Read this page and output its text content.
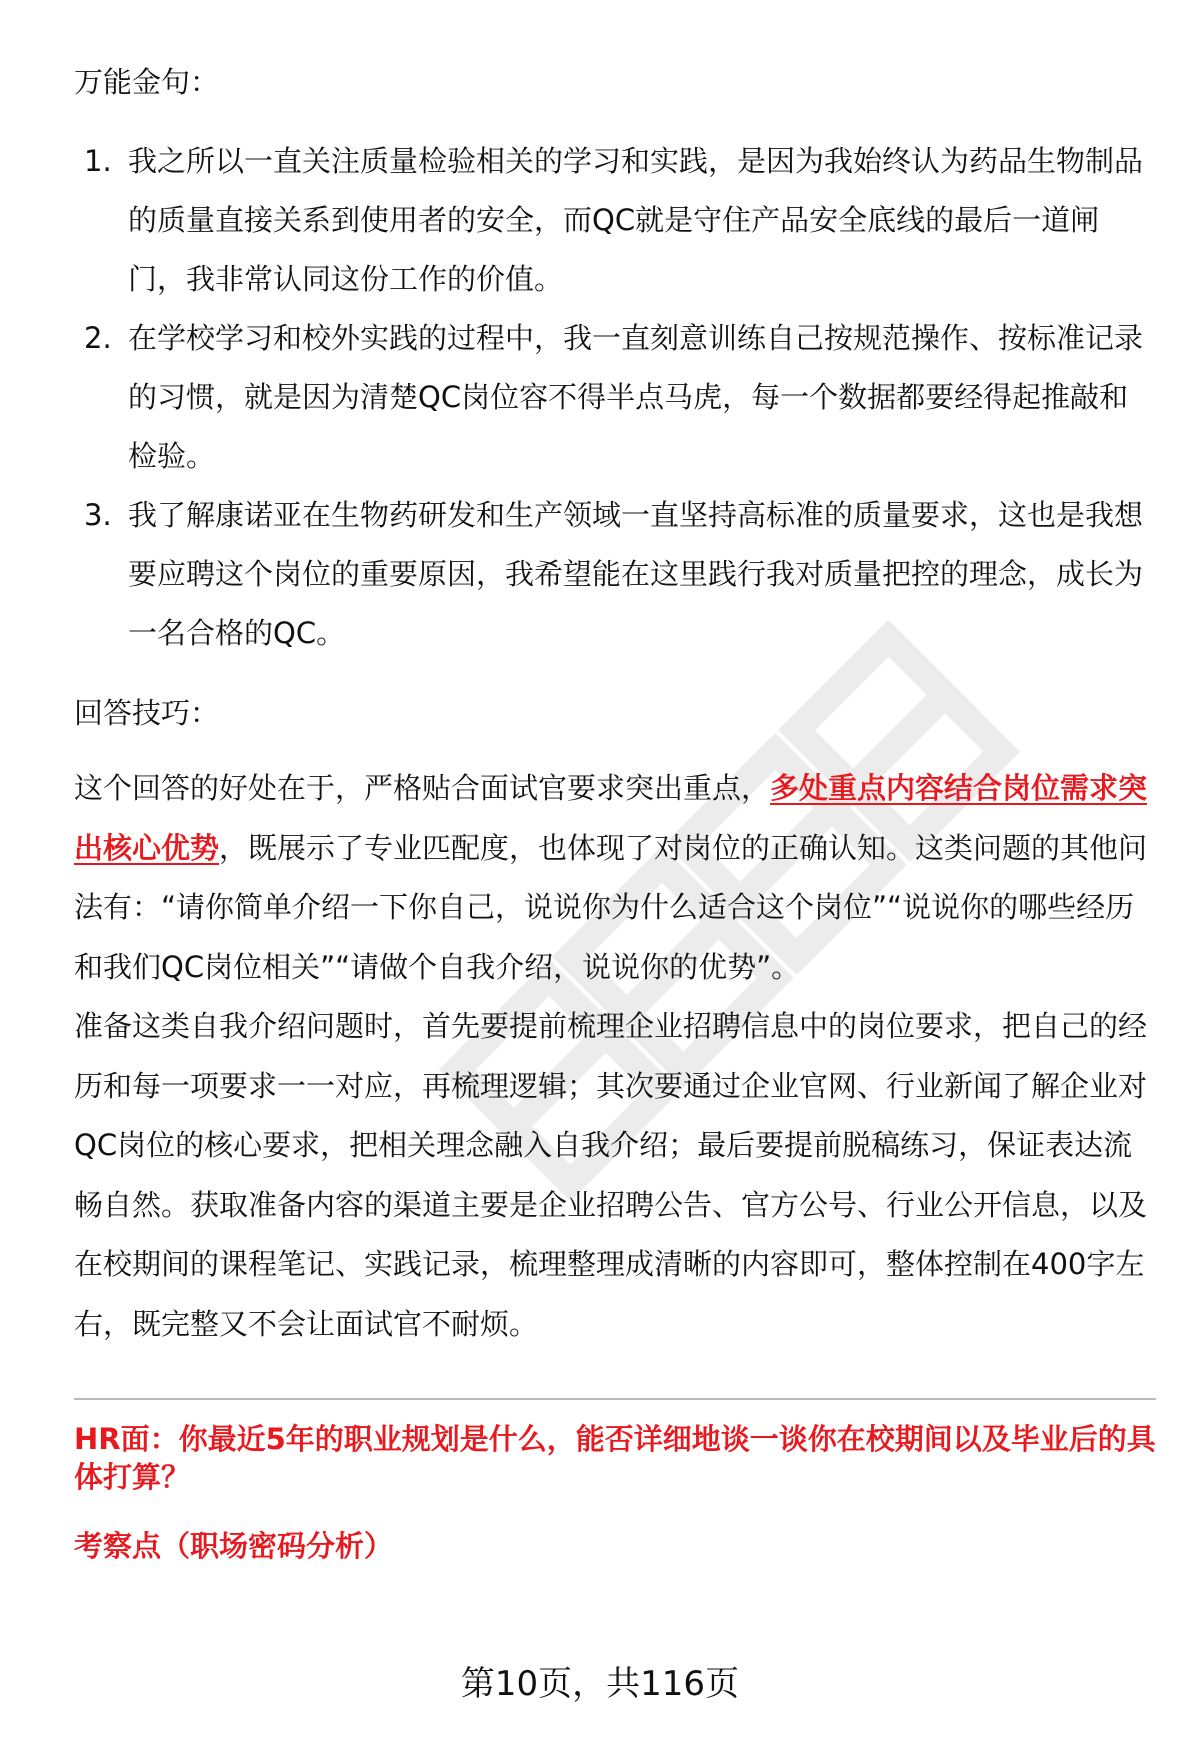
万能金句：

1. 我之所以一直关注质量检验相关的学习和实践，是因为我始终认为药品生物制品的质量直接关系到使用者的安全，而QC就是守住产品安全底线的最后一道闸门，我非常认同这份工作的价值。
2. 在学校学习和校外实践的过程中，我一直刻意训练自己按规范操作、按标准记录的习惯，就是因为清楚QC岗位容不得半点马虎，每一个数据都要经得起推敲和检验。
3. 我了解康诺亚在生物药研发和生产领域一直坚持高标准的质量要求，这也是我想要应聘这个岗位的重要原因，我希望能在这里践行我对质量把控的理念，成长为一名合格的QC。

回答技巧：

这个回答的好处在于，严格贴合面试官要求突出重点，多处重点内容结合岗位需求突出核心优势，既展示了专业匹配度，也体现了对岗位的正确认知。这类问题的其他问法有：“请你简单介绍一下你自己，说说你为什么适合这个岗位”“说说你的哪些经历和我们QC岗位相关”“请做个自我介绍，说说你的优势”。

准备这类自我介绍问题时，首先要提前梳理企业招聘信息中的岗位要求，把自己的经历和每一项要求一一对应，再梳理逻辑；其次要通过企业官网、行业新闻了解企业对QC岗位的核心要求，把相关理念融入自我介绍；最后要提前脱稿练习，保证表达流畅自然。获取准备内容的渠道主要是企业招聘公告、官方公号、行业公开信息，以及在校期间的课程笔记、实践记录，梳理整理成清晰的内容即可，整体控制在400字左右，既完整又不会让面试官不耐烦。

HR面：你最近5年的职业规划是什么，能否详细地谈一谈你在校期间以及毕业后的具体打算？

考察点（职场密码分析）

第10页，共116页
